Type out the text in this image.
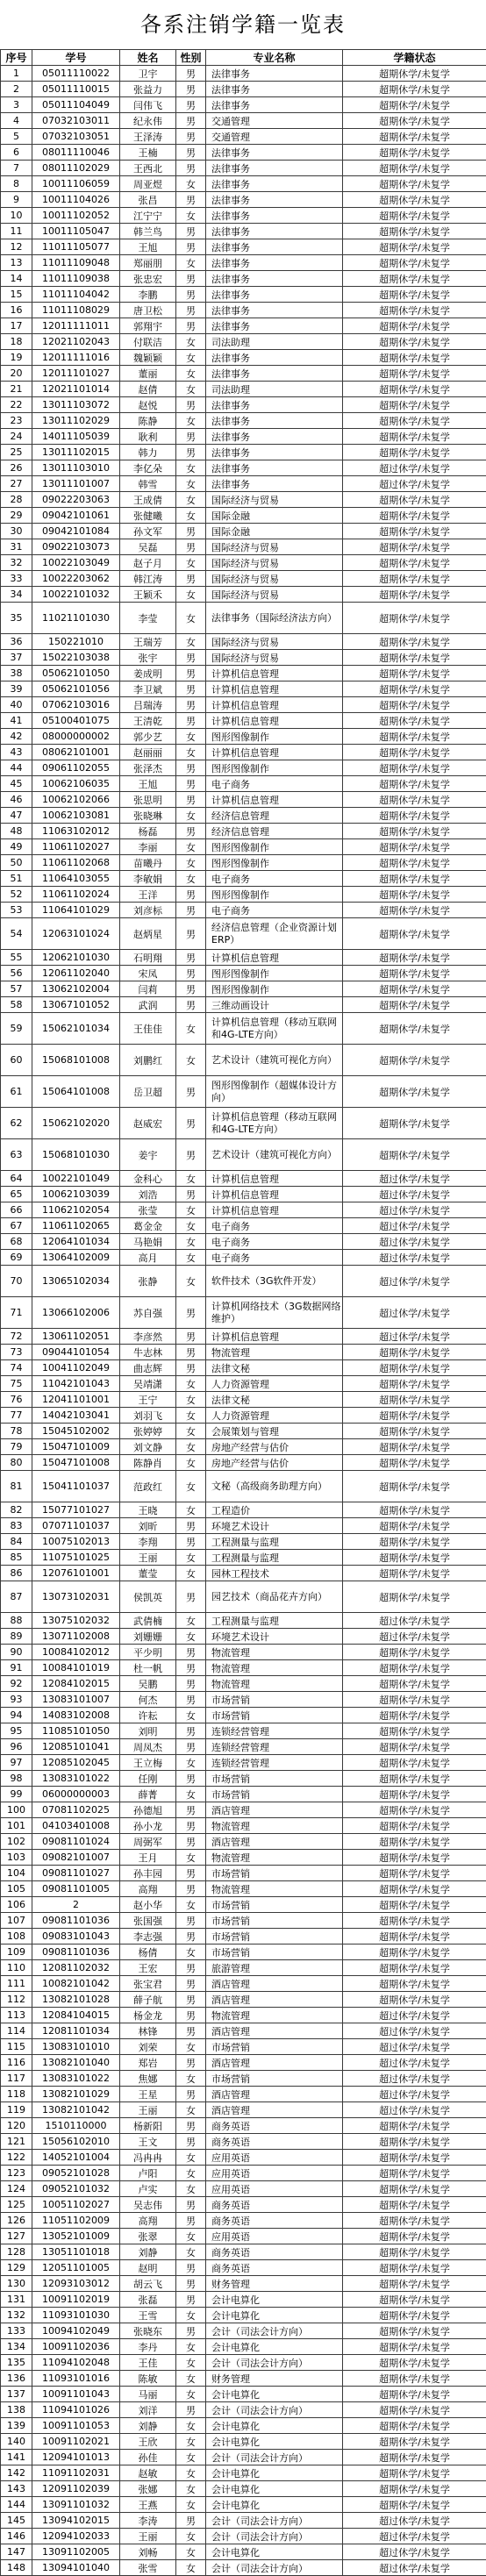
各系注销学籍一览表
序号	学号	姓名	性别	专业名称	学籍状态
1	05011110022	卫宇	男	法律事务	超期休学/未复学
2	05011110015	张益力	男	法律事务	超期休学/未复学
3	05011104049	闫伟飞	男	法律事务	超期休学/未复学
4	07032103011	纪永伟	男	交通管理	超期休学/未复学
5	07032103051	王泽涛	男	交通管理	超期休学/未复学
6	08011110046	王楠	男	法律事务	超期休学/未复学
7	08011102029	王西北	男	法律事务	超期休学/未复学
8	10011106059	周亚煜	女	法律事务	超期休学/未复学
9	10011104026	张昌	男	法律事务	超期休学/未复学
10	10011102052	江宁宁	女	法律事务	超期休学/未复学
11	10011105047	韩兰鸟	男	法律事务	超期休学/未复学
12	11011105077	王旭	男	法律事务	超期休学/未复学
13	11011109048	郑丽朋	女	法律事务	超期休学/未复学
14	11011109038	张忠宏	男	法律事务	超期休学/未复学
15	11011104042	李鹏	男	法律事务	超期休学/未复学
16	11011108029	唐卫松	男	法律事务	超期休学/未复学
17	12011111011	郭翔宇	男	法律事务	超期休学/未复学
18	12021102043	付联洁	女	司法助理	超期休学/未复学
19	12011111016	魏颖颖	女	法律事务	超期休学/未复学
20	12011101027	董丽	女	法律事务	超期休学/未复学
21	12021101014	赵倩	女	司法助理	超期休学/未复学
22	13011103072	赵悦	男	法律事务	超期休学/未复学
23	13011102029	陈静	女	法律事务	超期休学/未复学
24	14011105039	耿利	男	法律事务	超期休学/未复学
25	13011102015	韩力	男	法律事务	超期休学/未复学
26	13011103010	李亿朵	女	法律事务	超过休学/未复学
27	13011101007	韩雪	女	法律事务	超过休学/未复学
28	09022203063	王成倩	女	国际经济与贸易	超期休学/未复学
29	09042101061	张健曦	女	国际金融	超期休学/未复学
30	09042101084	孙文军	男	国际金融	超期休学/未复学
31	09022103073	吴磊	男	国际经济与贸易	超期休学/未复学
32	10022103049	赵子月	女	国际经济与贸易	超期休学/未复学
33	10022203062	韩江涛	男	国际经济与贸易	超期休学/未复学
34	10022101032	王颖禾	女	国际经济与贸易	超期休学/未复学
35	11021101030	李莹	女	法律事务（国际经济法方向）	超期休学/未复学
36	150221010	王瑞芳	女	国际经济与贸易	超期休学/未复学
37	15022103038	张宇	男	国际经济与贸易	超期休学/未复学
38	05062101050	姜成明	男	计算机信息管理	超期休学/未复学
39	05062101056	李卫斌	男	计算机信息管理	超期休学/未复学
40	07062103016	吕瑞涛	男	计算机信息管理	超期休学/未复学
41	05100401075	王清乾	男	计算机信息管理	超期休学/未复学
42	08000000002	郭少艺	女	图形图像制作	超期休学/未复学
43	08062101001	赵丽丽	女	计算机信息管理	超期休学/未复学
44	09061102055	张泽杰	男	图形图像制作	超期休学/未复学
45	10062106035	王旭	男	电子商务	超期休学/未复学
46	10062102066	张思明	男	计算机信息管理	超期休学/未复学
47	10062103081	张晓琳	女	经济信息管理	超期休学/未复学
48	11063102012	杨磊	男	经济信息管理	超期休学/未复学
49	11061102027	李丽	女	图形图像制作	超期休学/未复学
50	11061102068	苗曦丹	女	图形图像制作	超期休学/未复学
51	11064103055	李敏娟	女	电子商务	超期休学/未复学
52	11061102024	王洋	男	图形图像制作	超期休学/未复学
53	11064101029	刘彦标	男	电子商务	超期休学/未复学
54	12063101024	赵炳星	男	经济信息管理（企业资源计划ERP）	超期休学/未复学
55	12062101030	石明翔	男	计算机信息管理	超期休学/未复学
56	12061102040	宋凤	男	图形图像制作	超期休学/未复学
57	13062102004	闫莉	男	图形图像制作	超期休学/未复学
58	13067101052	武润	男	三维动画设计	超期休学/未复学
59	15062101034	王佳佳	女	计算机信息管理（移动互联网和4G-LTE方向）	超期休学/未复学
60	15068101008	刘鹏红	女	艺术设计（建筑可视化方向）	超期休学/未复学
61	15064101008	岳卫超	男	图形图像制作（超媒体设计方向）	超期休学/未复学
62	15062102020	赵威宏	男	计算机信息管理（移动互联网和4G-LTE方向）	超期休学/未复学
63	15068101030	姜宇	男	艺术设计（建筑可视化方向）	超期休学/未复学
64	10022101049	金科心	女	计算机信息管理	超过休学/未复学
65	10062103039	刘浩	男	计算机信息管理	超过休学/未复学
66	11062102054	张莹	女	计算机信息管理	超过休学/未复学
67	11061102065	葛金金	女	电子商务	超过休学/未复学
68	12064101034	马艳娟	女	电子商务	超过休学/未复学
69	13064102009	高月	女	电子商务	超过休学/未复学
70	13065102034	张静	女	软件技术（3G软件开发）	超过休学/未复学
71	13066102006	苏自强	男	计算机网络技术（3G数据网络维护）	超过休学/未复学
72	13061102051	李彦然	男	计算机信息管理	超过休学/未复学
73	09044101054	牛志林	男	物流管理	超期休学/未复学
74	10041102049	曲志辉	男	法律文秘	超期休学/未复学
75	11042101043	吴靖潇	女	人力资源管理	超期休学/未复学
76	12041101001	王宁	女	法律文秘	超期休学/未复学
77	14042103041	刘羽飞	女	人力资源管理	超期休学/未复学
78	15045102002	张婷婷	女	会展策划与管理	超期休学/未复学
79	15047101009	刘文静	女	房地产经营与估价	超期休学/未复学
80	15047101008	陈静肖	女	房地产经营与估价	超期休学/未复学
81	15041101037	范政红	女	文秘（高级商务助理方向）	超期休学/未复学
82	15077101027	王晓	女	工程造价	超期休学/未复学
83	07071101037	刘昕	男	环境艺术设计	超期休学/未复学
84	10075102013	李翔	男	工程测量与监理	超期休学/未复学
85	11075101025	王丽	女	工程测量与监理	超期休学/未复学
86	12076101001	董莹	女	园林工程技术	超期休学/未复学
87	13073102031	侯凯英	男	园艺技术（商品花卉方向）	超期休学/未复学
88	13075102032	武倩楠	女	工程测量与监理	超过休学/未复学
89	13071102008	刘姗姗	女	环境艺术设计	超过休学/未复学
90	10084102012	平少明	男	物流管理	超期休学/未复学
91	10084101019	杜一帆	男	物流管理	超期休学/未复学
92	12084102015	吴鹏	男	物流管理	超期休学/未复学
93	13083101007	何杰	男	市场营销	超期休学/未复学
94	14083102008	许耘	女	市场营销	超期休学/未复学
95	11085101050	刘明	男	连锁经营管理	超期休学/未复学
96	12085101041	周凤杰	男	连锁经营管理	超期休学/未复学
97	12085102045	王立梅	女	连锁经营管理	超期休学/未复学
98	13083101022	任刚	男	市场营销	超期休学/未复学
99	06000000003	薛菁	女	市场营销	超期休学/未复学
100	07081102025	孙德旭	男	酒店管理	超期休学/未复学
101	04103401008	孙小龙	男	物流管理	超期休学/未复学
102	09081101024	周弼军	男	酒店管理	超期休学/未复学
103	09082101007	王月	女	物流管理	超期休学/未复学
104	09081101027	孙丰园	男	市场营销	超期休学/未复学
105	09081101005	高翔	男	物流管理	超期休学/未复学
106	2	赵小华	女	市场营销	超期休学/未复学
107	09081101036	张国强	男	市场营销	超期休学/未复学
108	09083101043	李志强	男	市场营销	超期休学/未复学
109	09081101036	杨倩	女	市场营销	超期休学/未复学
110	12081102032	王宏	男	旅游管理	超期休学/未复学
111	10082101042	张宝君	男	酒店管理	超期休学/未复学
112	13082101028	薛子航	男	酒店管理	超期休学/未复学
113	12084104015	杨金龙	男	物流管理	超过休学/未复学
114	12081101034	林锋	男	酒店管理	超过休学/未复学
115	13083101010	刘荣	女	市场营销	超过休学/未复学
116	13082101040	郑岩	男	酒店管理	超过休学/未复学
117	13083101022	焦娜	女	市场营销	超过休学/未复学
118	13082101029	王星	男	酒店管理	超过休学/未复学
119	13082101042	王丽	女	酒店管理	超过休学/未复学
120	1510110000	杨新阳	男	商务英语	超期休学/未复学
121	15056102010	王文	男	商务英语	超期休学/未复学
122	14052101004	冯冉冉	女	应用英语	超期休学/未复学
123	09052101028	卢阳	女	应用英语	超期休学/未复学
124	09052101032	卢实	女	应用英语	超期休学/未复学
125	10051102027	吴志伟	男	商务英语	超期休学/未复学
126	11051102009	高翔	男	商务英语	超期休学/未复学
127	13052101009	张翠	女	应用英语	超期休学/未复学
128	13051101018	刘静	女	商务英语	超期休学/未复学
129	12051101005	赵明	男	商务英语	超期休学/未复学
130	12093103012	胡云飞	男	财务管理	超期休学/未复学
131	10091102019	张磊	男	会计电算化	超期休学/未复学
132	11093101030	王雪	女	会计电算化	超期休学/未复学
133	10094102049	张晓东	男	会计（司法会计方向）	超期休学/未复学
134	10091102036	李丹	女	会计电算化	超期休学/未复学
135	11094102048	王佳	女	会计（司法会计方向）	超期休学/未复学
136	11093101016	陈敏	女	财务管理	超期休学/未复学
137	10091101043	马丽	女	会计电算化	超期休学/未复学
138	11094101026	刘洋	男	会计（司法会计方向）	超期休学/未复学
139	10091101053	刘静	女	会计电算化	超期休学/未复学
140	10091102021	王欣	女	会计电算化	超期休学/未复学
141	12094101013	孙佳	女	会计（司法会计方向）	超期休学/未复学
142	11091102031	赵敏	女	会计电算化	超期休学/未复学
143	12091102039	张娜	女	会计电算化	超期休学/未复学
144	13091101032	王燕	女	会计电算化	超期休学/未复学
145	13094102015	李涛	男	会计（司法会计方向）	超过休学/未复学
146	12094102033	王丽	女	会计（司法会计方向）	超过休学/未复学
147	13091102005	刘畅	女	会计电算化	超过休学/未复学
148	13094101040	张雪	女	会计（司法会计方向）	超过休学/未复学
